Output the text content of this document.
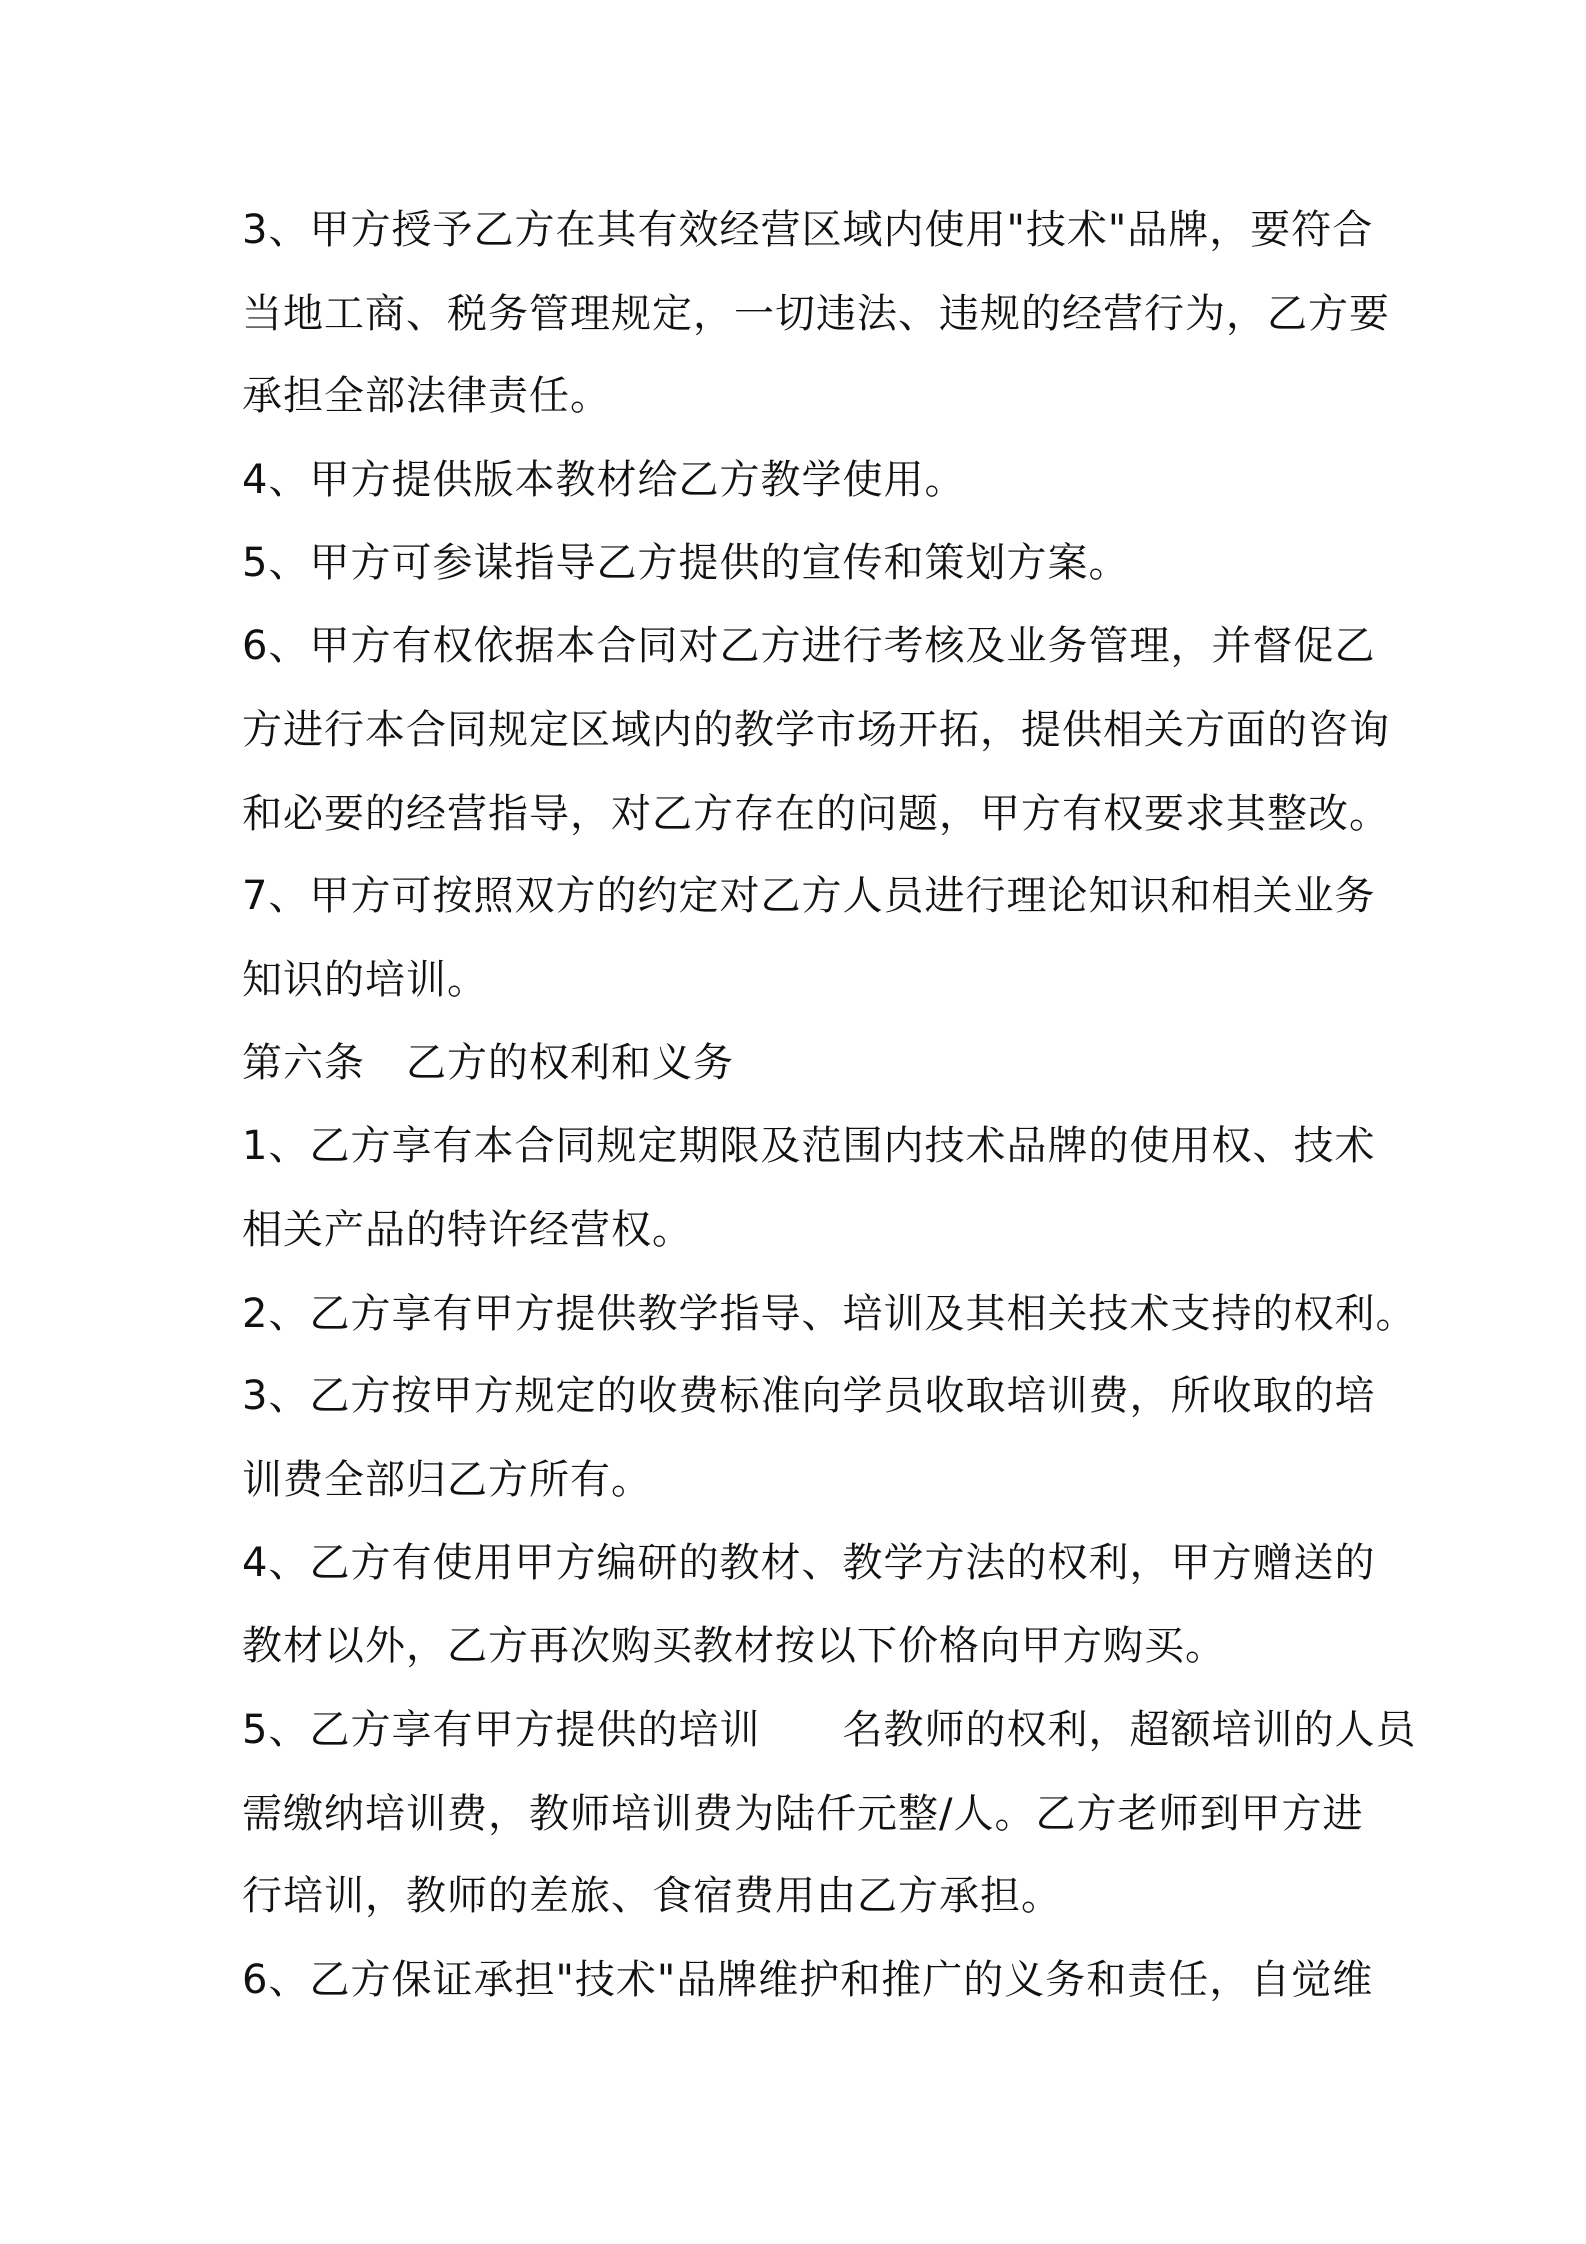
3、甲方授予乙方在其有效经营区域内使用"技术"品牌，要符合
当地工商、税务管理规定，一切违法、违规的经营行为，乙方要
承担全部法律责任。
4、甲方提供版本教材给乙方教学使用。
5、甲方可参谋指导乙方提供的宣传和策划方案。
6、甲方有权依据本合同对乙方进行考核及业务管理，并督促乙
方进行本合同规定区域内的教学市场开拓，提供相关方面的咨询
和必要的经营指导，对乙方存在的问题，甲方有权要求其整改。
7、甲方可按照双方的约定对乙方人员进行理论知识和相关业务
知识的培训。
第六条　乙方的权利和义务
1、乙方享有本合同规定期限及范围内技术品牌的使用权、技术
相关产品的特许经营权。
2、乙方享有甲方提供教学指导、培训及其相关技术支持的权利。
3、乙方按甲方规定的收费标准向学员收取培训费，所收取的培
训费全部归乙方所有。
4、乙方有使用甲方编研的教材、教学方法的权利，甲方赠送的
教材以外，乙方再次购买教材按以下价格向甲方购买。
5、乙方享有甲方提供的培训　　名教师的权利，超额培训的人员
需缴纳培训费，教师培训费为陆仟元整/人。乙方老师到甲方进
行培训，教师的差旅、食宿费用由乙方承担。
6、乙方保证承担"技术"品牌维护和推广的义务和责任，自觉维
